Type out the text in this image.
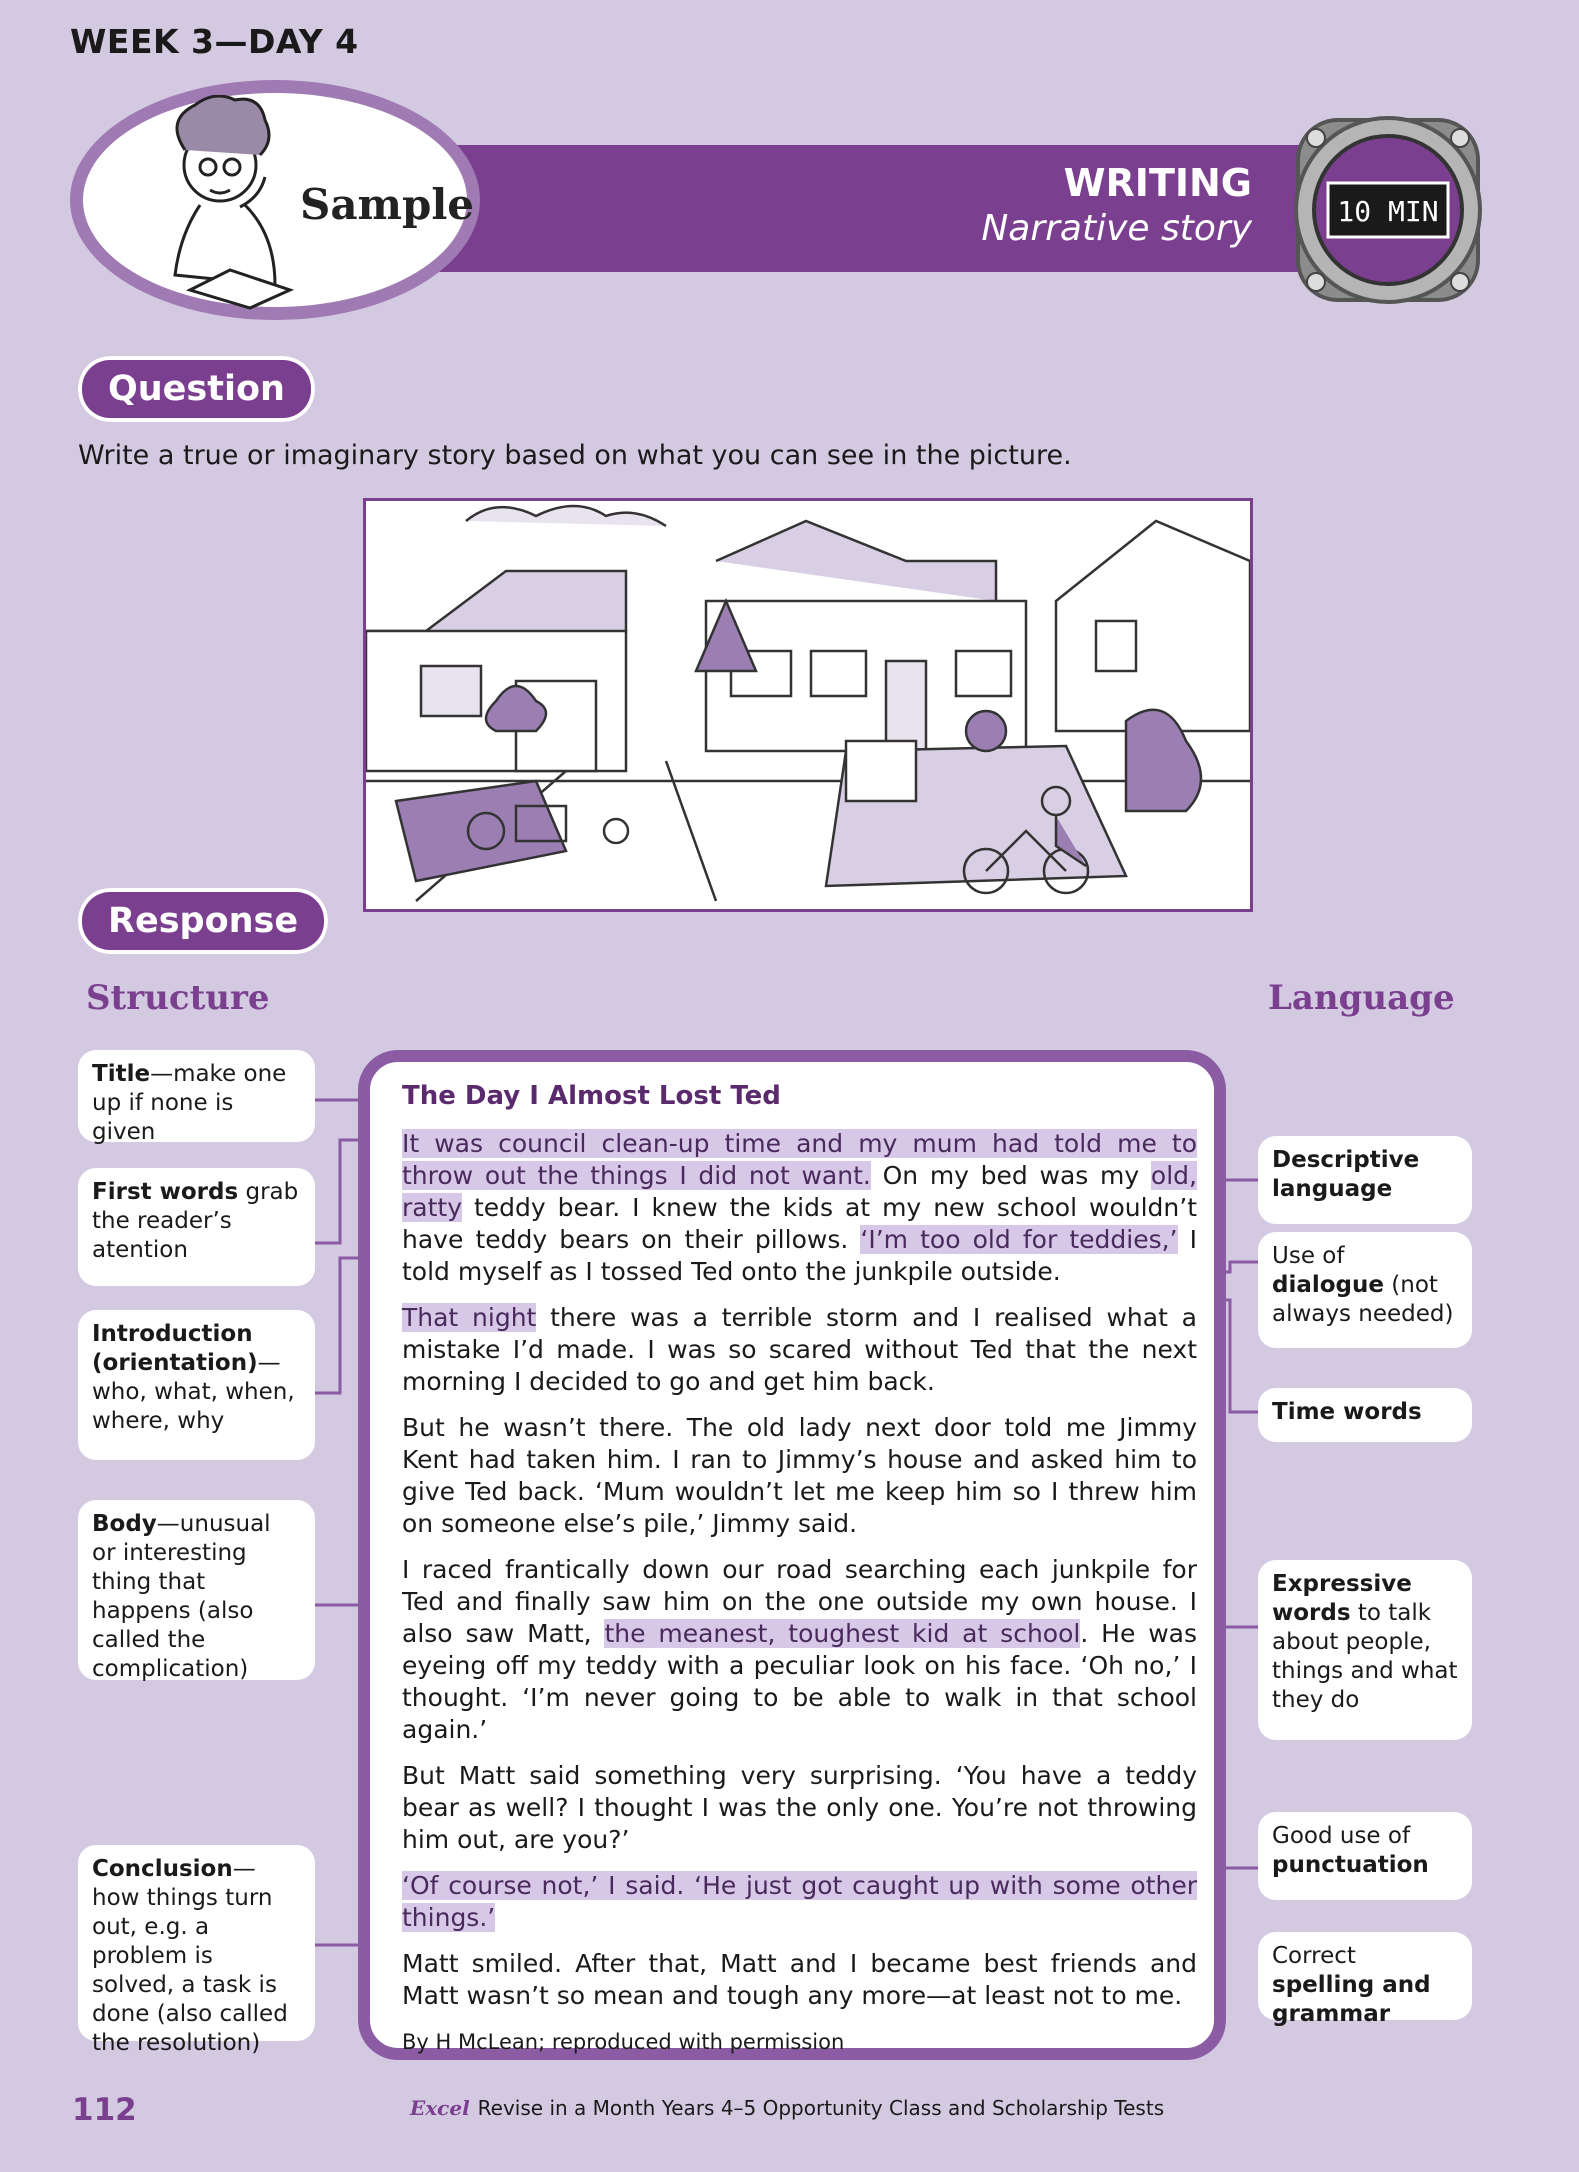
WEEK 3—DAY 4
WRITING
Narrative story
Sample	10 MIN
Question
Write a true or imaginary story based on what you can see in the picture.
Response
Structure	Language
Title—make one up if none is given
First words grab the reader’s atention
Introduction (orientation)— who, what, when, where, why
Body—unusual or interesting thing that happens (also called the complication)
Conclusion—how things turn out, e.g. a problem is solved, a task is done (also called the resolution)
Descriptive language
Use of dialogue (not always needed)
Time words
Expressive words to talk about people, things and what they do
Good use of punctuation
Correct spelling and grammar

The Day I Almost Lost Ted

It was council clean-up time and my mum had told me to throw out the things I did not want. On my bed was my old, ratty teddy bear. I knew the kids at my new school wouldn’t have teddy bears on their pillows. ‘I’m too old for teddies,’ I told myself as I tossed Ted onto the junkpile outside.

That night there was a terrible storm and I realised what a mistake I’d made. I was so scared without Ted that the next morning I decided to go and get him back.

But he wasn’t there. The old lady next door told me Jimmy Kent had taken him. I ran to Jimmy’s house and asked him to give Ted back. ‘Mum wouldn’t let me keep him so I threw him on someone else’s pile,’ Jimmy said.

I raced frantically down our road searching each junkpile for Ted and finally saw him on the one outside my own house. I also saw Matt, the meanest, toughest kid at school. He was eyeing off my teddy with a peculiar look on his face. ‘Oh no,’ I thought. ‘I’m never going to be able to walk in that school again.’

But Matt said something very surprising. ‘You have a teddy bear as well? I thought I was the only one. You’re not throwing him out, are you?’

‘Of course not,’ I said. ‘He just got caught up with some other things.’

Matt smiled. After that, Matt and I became best friends and Matt wasn’t so mean and tough any more—at least not to me.

By H McLean; reproduced with permission

112	Excel Revise in a Month Years 4–5 Opportunity Class and Scholarship Tests
